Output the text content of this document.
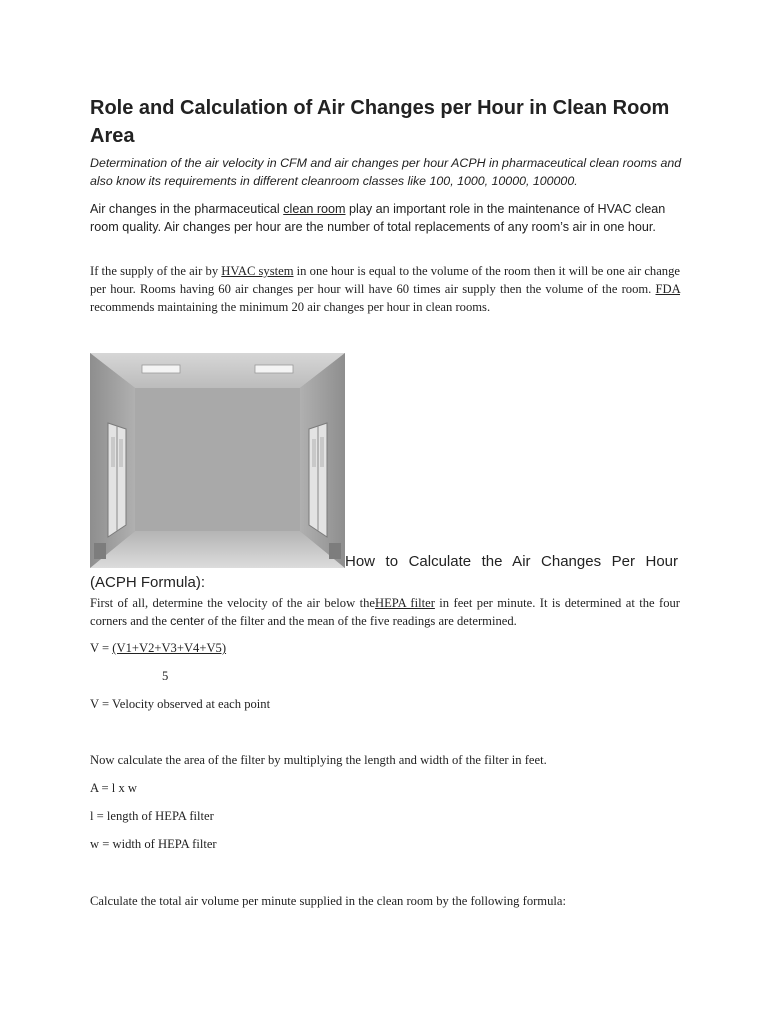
Role and Calculation of Air Changes per Hour in Clean Room Area
Determination of the air velocity in CFM and air changes per hour ACPH in pharmaceutical clean rooms and also know its requirements in different cleanroom classes like 100, 1000, 10000, 100000.
Air changes in the pharmaceutical clean room play an important role in the maintenance of HVAC clean room quality. Air changes per hour are the number of total replacements of any room’s air in one hour.
If the supply of the air by HVAC system in one hour is equal to the volume of the room then it will be one air change per hour. Rooms having 60 air changes per hour will have 60 times air supply then the volume of the room. FDA recommends maintaining the minimum 20 air changes per hour in clean rooms.
How to Calculate the Air Changes Per Hour
(ACPH Formula):
First of all, determine the velocity of the air below theHEPA filter in feet per minute. It is determined at the four corners and the center of the filter and the mean of the five readings are determined.
V = (V1+V2+V3+V4+V5)
5
V = Velocity observed at each point
Now calculate the area of the filter by multiplying the length and width of the filter in feet.
A = l x w
l = length of HEPA filter
w = width of HEPA filter
Calculate the total air volume per minute supplied in the clean room by the following formula:
